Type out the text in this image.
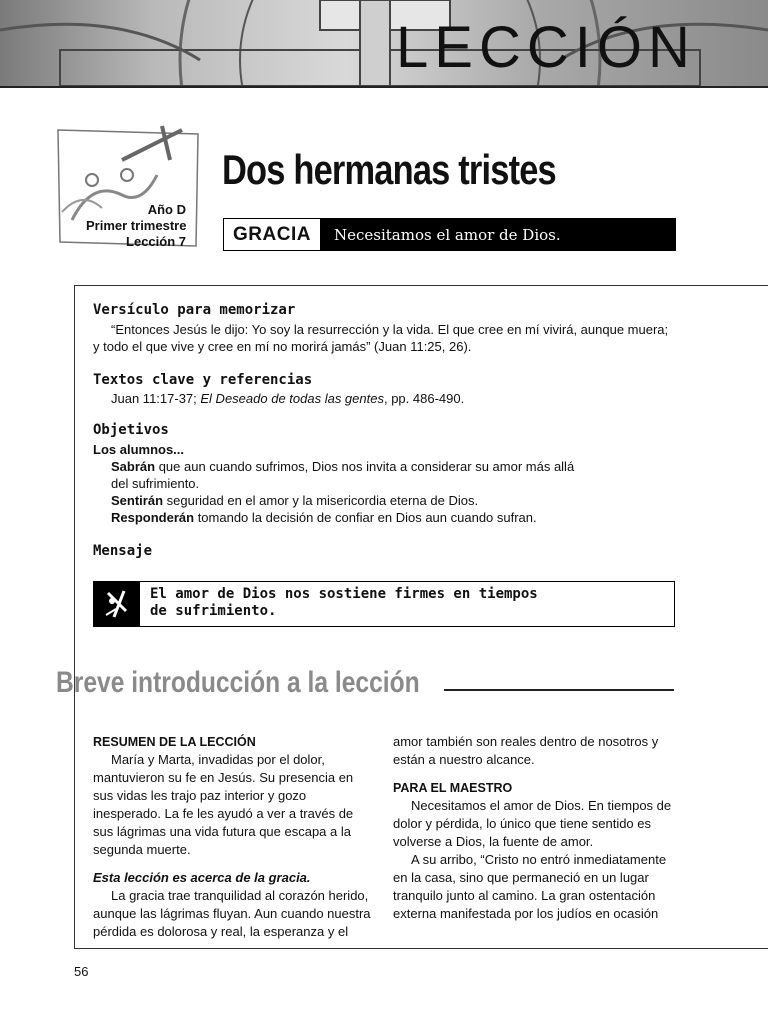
LECCIÓN
Año D
Primer trimestre
Lección 7
Dos hermanas tristes
GRACIA	Necesitamos el amor de Dios.
Versículo para memorizar
“Entonces Jesús le dijo: Yo soy la resurrección y la vida. El que cree en mí vivirá, aunque muera;
y todo el que vive y cree en mí no morirá jamás” (Juan 11:25, 26).
Textos clave y referencias
Juan 11:17-37; El Deseado de todas las gentes, pp. 486-490.
Objetivos
Los alumnos...
Sabrán que aun cuando sufrimos, Dios nos invita a considerar su amor más allá
del sufrimiento.
Sentirán seguridad en el amor y la misericordia eterna de Dios.
Responderán tomando la decisión de confiar en Dios aun cuando sufran.
Mensaje
El amor de Dios nos sostiene firmes en tiempos
de sufrimiento.
Breve introducción a la lección

RESUMEN DE LA LECCIÓN

María y Marta, invadidas por el dolor, mantuvieron su fe en Jesús. Su presencia en sus vidas les trajo paz interior y gozo inesperado. La fe les ayudó a ver a través de sus lágrimas una vida futura que escapa a la segunda muerte.

Esta lección es acerca de la gracia.

La gracia trae tranquilidad al corazón herido, aunque las lágrimas fluyan. Aun cuando nuestra pérdida es dolorosa y real, la esperanza y el

amor también son reales dentro de nosotros y están a nuestro alcance.

PARA EL MAESTRO

Necesitamos el amor de Dios. En tiempos de dolor y pérdida, lo único que tiene sentido es volverse a Dios, la fuente de amor.

A su arribo, “Cristo no entró inmediatamente en la casa, sino que permaneció en un lugar tranquilo junto al camino. La gran ostentación externa manifestada por los judíos en ocasión

56
